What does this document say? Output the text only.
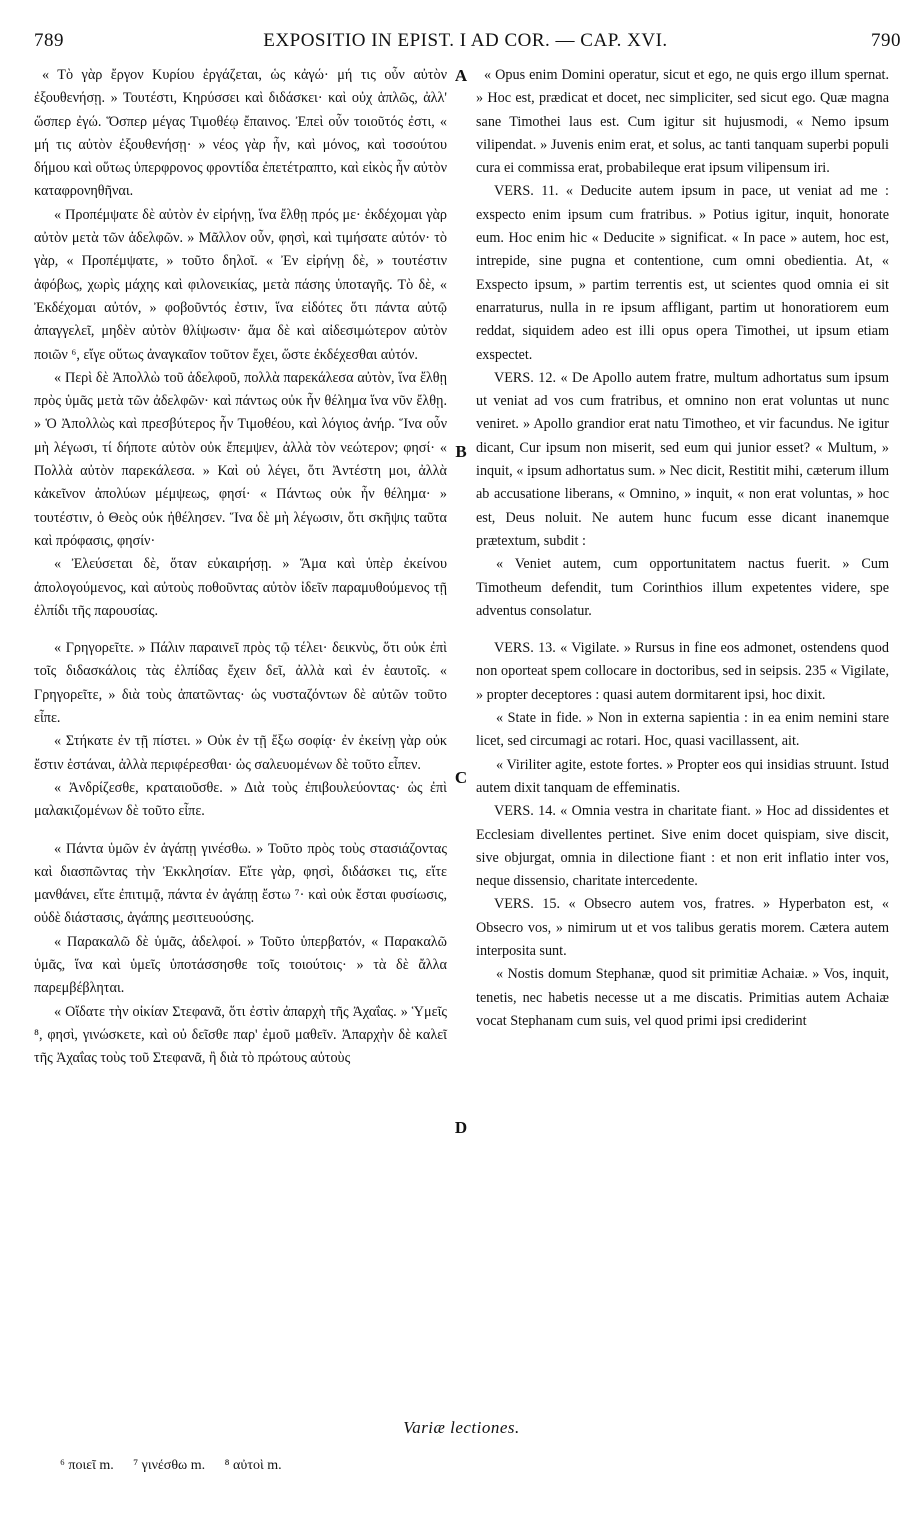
789	EXPOSITIO IN EPIST. I AD COR. — CAP. XVI.	790

« Τὸ γὰρ ἔργον Κυρίου ἐργάζεται, ὡς κἀγώ· μή τις οὖν αὐτὸν ἐξουθενήσῃ. » Τουτέστι, Κηρύσσει καὶ διδάσκει· καὶ οὐχ ἁπλῶς, ἀλλ' ὥσπερ ἐγώ. Ὅσπερ μέγας Τιμοθέῳ ἔπαινος. Ἐπεὶ οὖν τοιοῦτός ἐστι, « μή τις αὐτὸν ἐξουθενήσῃ· » νέος γὰρ ἦν, καὶ μόνος, καὶ τοσούτου δήμου καὶ οὕτως ὑπερφρονος φροντίδα ἐπετέτραπτο, καὶ εἰκὸς ἦν αὐτὸν καταφρονηθῆναι.

« Προπέμψατε δὲ αὐτὸν ἐν εἰρήνῃ, ἵνα ἔλθῃ πρός με· ἐκδέχομαι γὰρ αὐτὸν μετὰ τῶν ἀδελφῶν. » Μᾶλλον οὖν, φησὶ, καὶ τιμήσατε αὐτόν· τὸ γὰρ, « Προπέμψατε, » τοῦτο δηλοῖ. « Ἐν εἰρήνῃ δὲ, » τουτέστιν ἀφόβως, χωρὶς μάχης καὶ φιλονεικίας, μετὰ πάσης ὑποταγῆς. Τὸ δὲ, « Ἐκδέχομαι αὐτόν, » φοβοῦντός ἐστιν, ἵνα εἰδότες ὅτι πάντα αὐτῷ ἀπαγγελεῖ, μηδὲν αὐτὸν θλίψωσιν· ἅμα δὲ καὶ αἰδεσιμώτερον αὐτὸν ποιῶν ⁶, εἴγε οὕτως ἀναγκαῖον τοῦτον ἔχει, ὥστε ἐκδέχεσθαι αὐτόν.

« Περὶ δὲ Ἀπολλὼ τοῦ ἀδελφοῦ, πολλὰ παρεκάλεσα αὐτὸν, ἵνα ἔλθῃ πρὸς ὑμᾶς μετὰ τῶν ἀδελφῶν· καὶ πάντως οὐκ ἦν θέλημα ἵνα νῦν ἔλθῃ. » Ὁ Ἀπολλὼς καὶ πρεσβύτερος ἦν Τιμοθέου, καὶ λόγιος ἀνήρ. Ἵνα οὖν μὴ λέγωσι, τί δήποτε αὐτὸν οὐκ ἔπεμψεν, ἀλλὰ τὸν νεώτερον; φησί· « Πολλὰ αὐτὸν παρεκάλεσα. » Καὶ οὐ λέγει, ὅτι Ἀντέστη μοι, ἀλλὰ κἀκεῖνον ἀπολύων μέμψεως, φησί· « Πάντως οὐκ ἦν θέλημα· » τουτέστιν, ὁ Θεὸς οὐκ ἠθέλησεν. Ἵνα δὲ μὴ λέγωσιν, ὅτι σκῆψις ταῦτα καὶ πρόφασις, φησίν·

« Ἐλεύσεται δὲ, ὅταν εὐκαιρήσῃ. » Ἅμα καὶ ὑπὲρ ἐκείνου ἀπολογούμενος, καὶ αὐτοὺς ποθοῦντας αὐτὸν ἰδεῖν παραμυθούμενος τῇ ἐλπίδι τῆς παρουσίας.

« Γρηγορεῖτε. » Πάλιν παραινεῖ πρὸς τῷ τέλει· δεικνὺς, ὅτι οὐκ ἐπὶ τοῖς διδασκάλοις τὰς ἐλπίδας ἔχειν δεῖ, ἀλλὰ καὶ ἐν ἑαυτοῖς. « Γρηγορεῖτε, » διὰ τοὺς ἀπατῶντας· ὡς νυσταζόντων δὲ αὐτῶν τοῦτο εἶπε.

« Στήκατε ἐν τῇ πίστει. » Οὐκ ἐν τῇ ἔξω σοφίᾳ· ἐν ἐκείνῃ γὰρ οὐκ ἔστιν ἑστάναι, ἀλλὰ περιφέρεσθαι· ὡς σαλευομένων δὲ τοῦτο εἶπεν.

« Ἀνδρίζεσθε, κραταιοῦσθε. » Διὰ τοὺς ἐπιβουλεύοντας· ὡς ἐπὶ μαλακιζομένων δὲ τοῦτο εἶπε.

« Πάντα ὑμῶν ἐν ἀγάπῃ γινέσθω. » Τοῦτο πρὸς τοὺς στασιάζοντας καὶ διασπῶντας τὴν Ἐκκλησίαν. Εἴτε γὰρ, φησὶ, διδάσκει τις, εἴτε μανθάνει, εἴτε ἐπιτιμᾷ, πάντα ἐν ἀγάπῃ ἔστω ⁷· καὶ οὐκ ἔσται φυσίωσις, οὐδὲ διάστασις, ἀγάπης μεσιτευούσης.

« Παρακαλῶ δὲ ὑμᾶς, ἀδελφοί. » Τοῦτο ὑπερβατόν, « Παρακαλῶ ὑμᾶς, ἵνα καὶ ὑμεῖς ὑποτάσσησθε τοῖς τοιούτοις· » τὰ δὲ ἄλλα παρεμβέβληται.

« Οἴδατε τὴν οἰκίαν Στεφανᾶ, ὅτι ἐστὶν ἀπαρχὴ τῆς Ἀχαΐας. » Ὑμεῖς ⁸, φησὶ, γινώσκετε, καὶ οὐ δεῖσθε παρ' ἐμοῦ μαθεῖν. Ἀπαρχὴν δὲ καλεῖ τῆς Ἀχαΐας τοὺς τοῦ Στεφανᾶ, ἢ διὰ τὸ πρώτους αὐτοὺς

A
B
C
D

« Opus enim Domini operatur, sicut et ego, ne quis ergo illum spernat. » Hoc est, prædicat et docet, nec simpliciter, sed sicut ego. Quæ magna sane Timothei laus est. Cum igitur sit hujusmodi, « Nemo ipsum vilipendat. » Juvenis enim erat, et solus, ac tanti tanquam superbi populi cura ei commissa erat, probabileque erat ipsum vilipensum iri.

VERS. 11. « Deducite autem ipsum in pace, ut veniat ad me : exspecto enim ipsum cum fratribus. » Potius igitur, inquit, honorate eum. Hoc enim hic « Deducite » significat. « In pace » autem, hoc est, intrepide, sine pugna et contentione, cum omni obedientia. At, « Exspecto ipsum, » partim terrentis est, ut scientes quod omnia ei sit enarraturus, nulla in re ipsum affligant, partim ut honoratiorem eum reddat, siquidem adeo est illi opus opera Timothei, ut ipsum etiam exspectet.

VERS. 12. « De Apollo autem fratre, multum adhortatus sum ipsum ut veniat ad vos cum fratribus, et omnino non erat voluntas ut nunc veniret. » Apollo grandior erat natu Timotheo, et vir facundus. Ne igitur dicant, Cur ipsum non miserit, sed eum qui junior esset? « Multum, » inquit, « ipsum adhortatus sum. » Nec dicit, Restitit mihi, cæterum illum ab accusatione liberans, « Omnino, » inquit, « non erat voluntas, » hoc est, Deus noluit. Ne autem hunc fucum esse dicant inanemque prætextum, subdit :

« Veniet autem, cum opportunitatem nactus fuerit. » Cum Timotheum defendit, tum Corinthios illum expetentes videre, spe adventus consolatur.

VERS. 13. « Vigilate. » Rursus in fine eos admonet, ostendens quod non oporteat spem collocare in doctoribus, sed in seipsis. 235 « Vigilate, » propter deceptores : quasi autem dormitarent ipsi, hoc dixit.

« State in fide. » Non in externa sapientia : in ea enim nemini stare licet, sed circumagi ac rotari. Hoc, quasi vacillassent, ait.

« Viriliter agite, estote fortes. » Propter eos qui insidias struunt. Istud autem dixit tanquam de effeminatis.

VERS. 14. « Omnia vestra in charitate fiant. » Hoc ad dissidentes et Ecclesiam divellentes pertinet. Sive enim docet quispiam, sive discit, sive objurgat, omnia in dilectione fiant : et non erit inflatio inter vos, neque dissensio, charitate intercedente.

VERS. 15. « Obsecro autem vos, fratres. » Hyperbaton est, « Obsecro vos, » nimirum ut et vos talibus geratis morem. Cætera autem interposita sunt.

« Nostis domum Stephanæ, quod sit primitiæ Achaiæ. » Vos, inquit, tenetis, nec habetis necesse ut a me discatis. Primitias autem Achaiæ vocat Stephanam cum suis, vel quod primi ipsi crediderint

Variæ lectiones.
⁶ ποιεῖ m. ⁷ γινέσθω m. ⁸ αὐτοὶ m.
